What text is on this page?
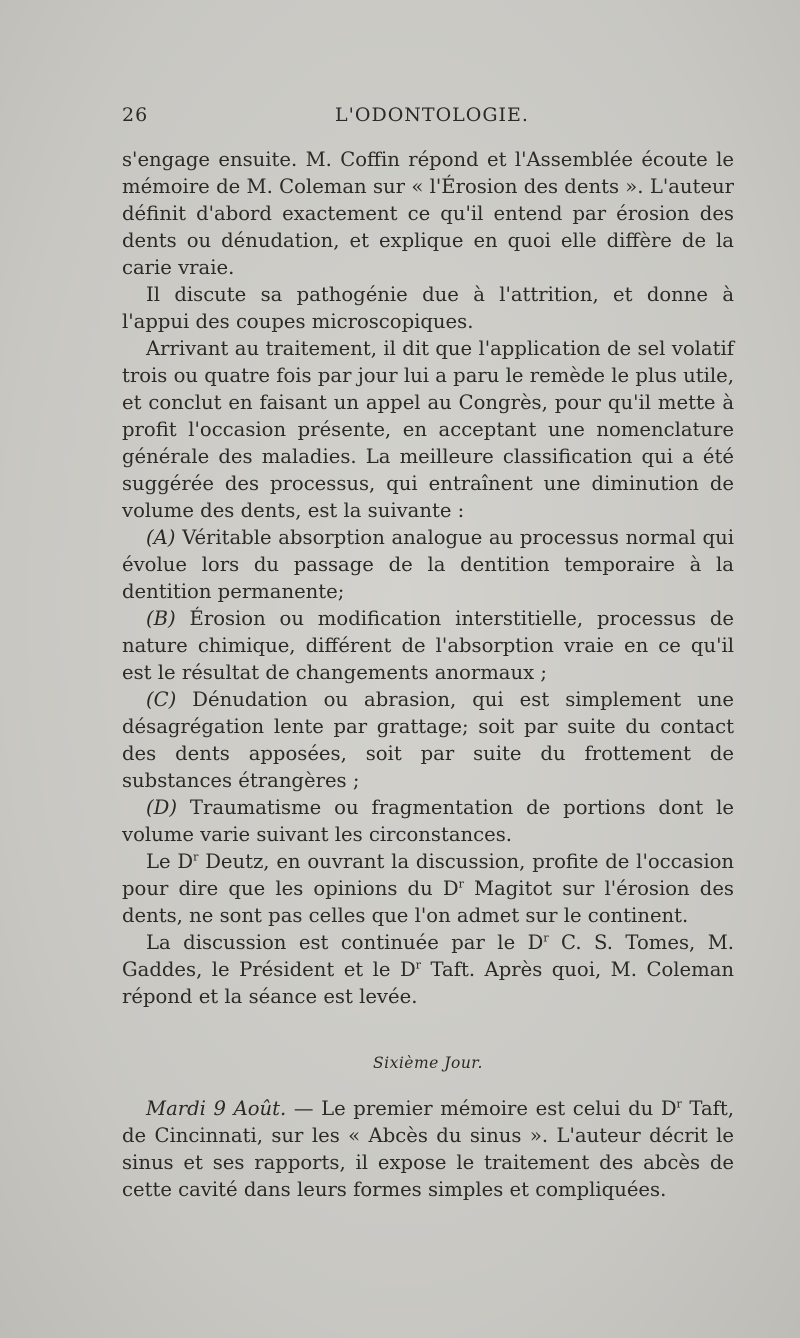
26	L'ODONTOLOGIE.

s'engage ensuite. M. Coffin répond et l'Assemblée écoute le mémoire de M. Coleman sur « l'Érosion des dents ». L'auteur définit d'abord exactement ce qu'il entend par érosion des dents ou dénudation, et explique en quoi elle diffère de la carie vraie.

Il discute sa pathogénie due à l'attrition, et donne à l'appui des coupes microscopiques.

Arrivant au traitement, il dit que l'application de sel volatif trois ou quatre fois par jour lui a paru le remède le plus utile, et conclut en faisant un appel au Congrès, pour qu'il mette à profit l'occasion présente, en acceptant une nomenclature générale des maladies. La meilleure classification qui a été suggérée des processus, qui entraînent une diminution de volume des dents, est la suivante :

(A) Véritable absorption analogue au processus normal qui évolue lors du passage de la dentition temporaire à la dentition permanente;

(B) Érosion ou modification interstitielle, processus de nature chimique, différent de l'absorption vraie en ce qu'il est le résultat de changements anormaux ;

(C) Dénudation ou abrasion, qui est simplement une désagrégation lente par grattage; soit par suite du contact des dents apposées, soit par suite du frottement de substances étrangères ;

(D) Traumatisme ou fragmentation de portions dont le volume varie suivant les circonstances.

Le $D^r$ Deutz, en ouvrant la discussion, profite de l'occasion pour dire que les opinions du $D^r$ Magitot sur l'érosion des dents, ne sont pas celles que l'on admet sur le continent.

La discussion est continuée par le $D^r$ C. S. Tomes, M. Gaddes, le Président et le $D^r$ Taft. Après quoi, M. Coleman répond et la séance est levée.

Sixième Jour.

Mardi 9 Août. — Le premier mémoire est celui du $D^r$ Taft, de Cincinnati, sur les « Abcès du sinus ». L'auteur décrit le sinus et ses rapports, il expose le traitement des abcès de cette cavité dans leurs formes simples et compliquées.
